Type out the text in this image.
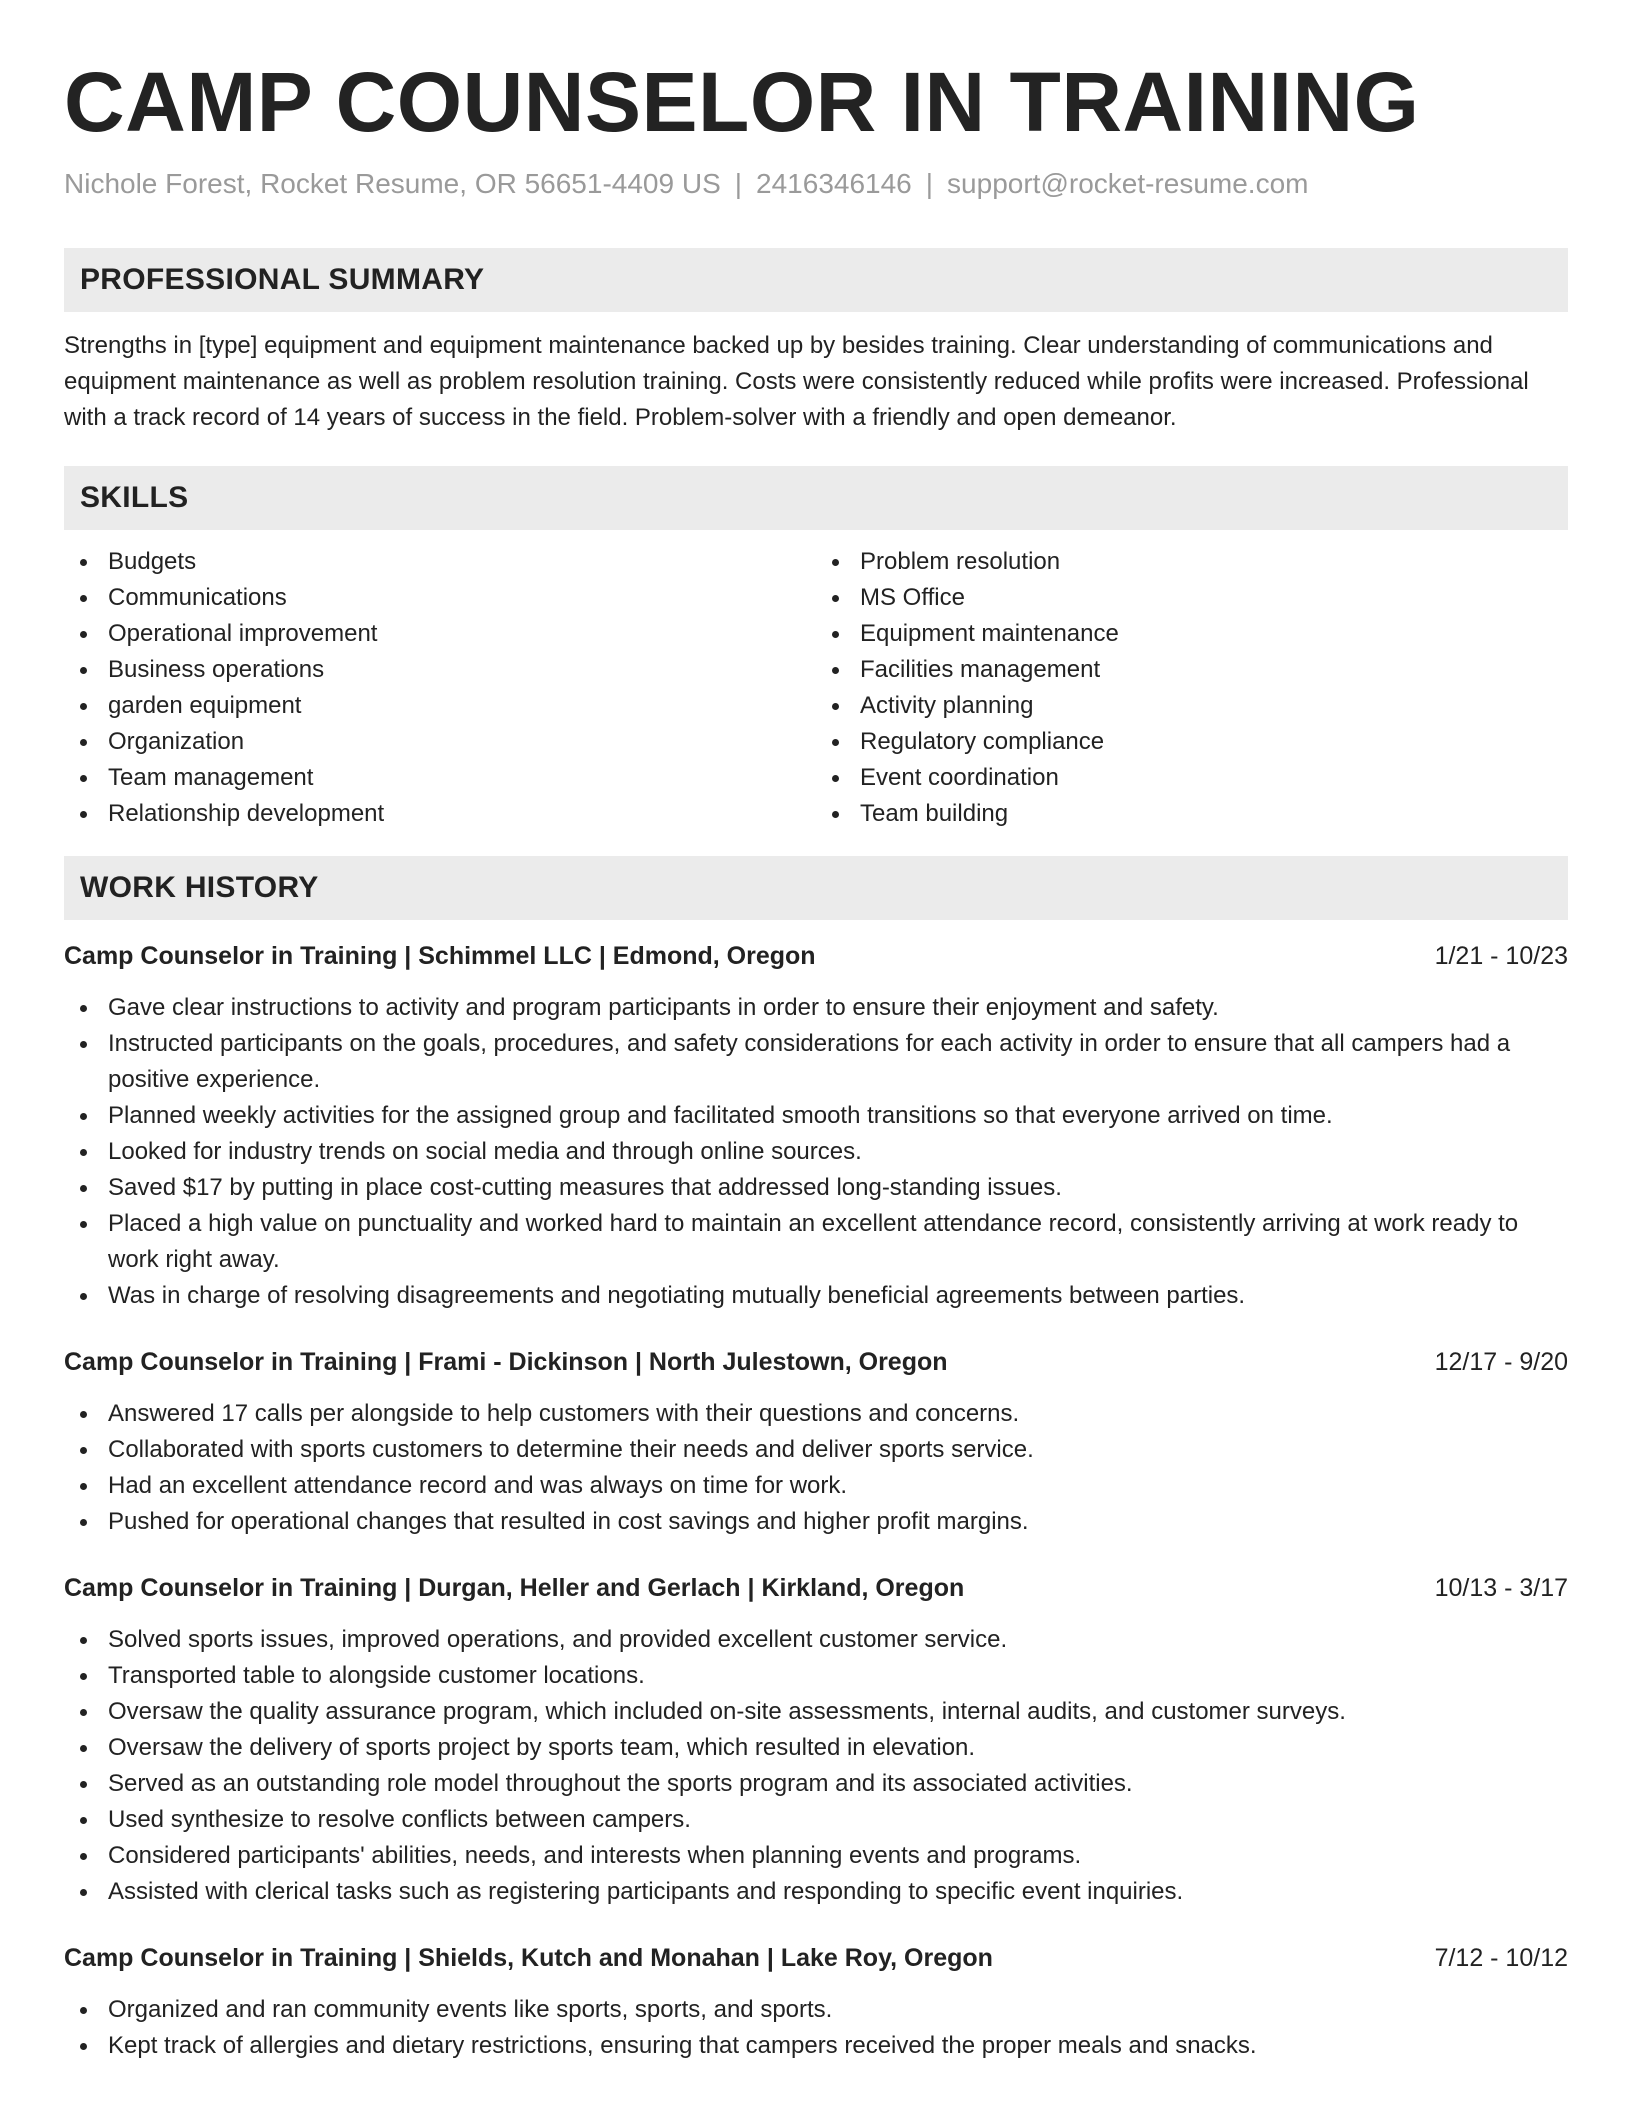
CAMP COUNSELOR IN TRAINING
Nichole Forest, Rocket Resume, OR 56651-4409 US | 2416346146 | support@rocket-resume.com
PROFESSIONAL SUMMARY

Strengths in [type] equipment and equipment maintenance backed up by besides training. Clear understanding of communications and equipment maintenance as well as problem resolution training. Costs were consistently reduced while profits were increased. Professional with a track record of 14 years of success in the field. Problem-solver with a friendly and open demeanor.

SKILLS
Budgets
Communications
Operational improvement
Business operations
garden equipment
Organization
Team management
Relationship development
Problem resolution
MS Office
Equipment maintenance
Facilities management
Activity planning
Regulatory compliance
Event coordination
Team building
WORK HISTORY
Camp Counselor in Training | Schimmel LLC | Edmond, Oregon	1/21 - 10/23
Gave clear instructions to activity and program participants in order to ensure their enjoyment and safety.
Instructed participants on the goals, procedures, and safety considerations for each activity in order to ensure that all campers had a positive experience.
Planned weekly activities for the assigned group and facilitated smooth transitions so that everyone arrived on time.
Looked for industry trends on social media and through online sources.
Saved $17 by putting in place cost-cutting measures that addressed long-standing issues.
Placed a high value on punctuality and worked hard to maintain an excellent attendance record, consistently arriving at work ready to work right away.
Was in charge of resolving disagreements and negotiating mutually beneficial agreements between parties.
Camp Counselor in Training | Frami - Dickinson | North Julestown, Oregon	12/17 - 9/20
Answered 17 calls per alongside to help customers with their questions and concerns.
Collaborated with sports customers to determine their needs and deliver sports service.
Had an excellent attendance record and was always on time for work.
Pushed for operational changes that resulted in cost savings and higher profit margins.
Camp Counselor in Training | Durgan, Heller and Gerlach | Kirkland, Oregon	10/13 - 3/17
Solved sports issues, improved operations, and provided excellent customer service.
Transported table to alongside customer locations.
Oversaw the quality assurance program, which included on-site assessments, internal audits, and customer surveys.
Oversaw the delivery of sports project by sports team, which resulted in elevation.
Served as an outstanding role model throughout the sports program and its associated activities.
Used synthesize to resolve conflicts between campers.
Considered participants' abilities, needs, and interests when planning events and programs.
Assisted with clerical tasks such as registering participants and responding to specific event inquiries.
Camp Counselor in Training | Shields, Kutch and Monahan | Lake Roy, Oregon	7/12 - 10/12
Organized and ran community events like sports, sports, and sports.
Kept track of allergies and dietary restrictions, ensuring that campers received the proper meals and snacks.
